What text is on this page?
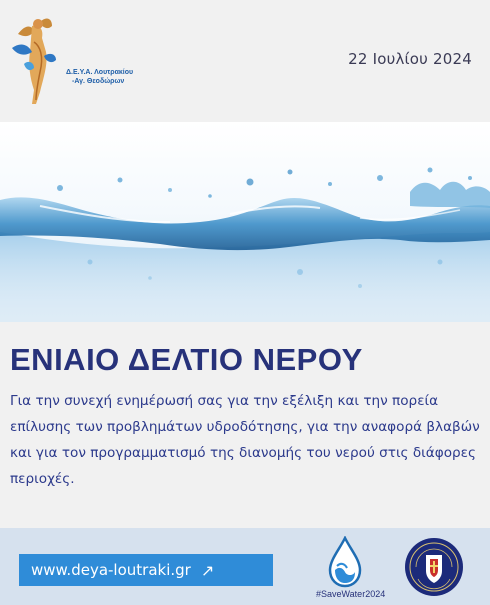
Δ.Ε.Υ.Α. Λουτρακίου
-Αγ. Θεοδώρων
22 Ιουλίου 2024
ΕΝΙΑΙΟ ΔΕΛΤΙΟ ΝΕΡΟΥ
Για την συνεχή ενημέρωσή σας για την εξέλιξη και την πορεία επίλυσης των προβλημάτων υδροδότησης, για την αναφορά βλαβών και για τον προγραμματισμό της διανομής του νερού στις διάφορες περιοχές.
www.deya-loutraki.gr ↗
#SaveWater2024
